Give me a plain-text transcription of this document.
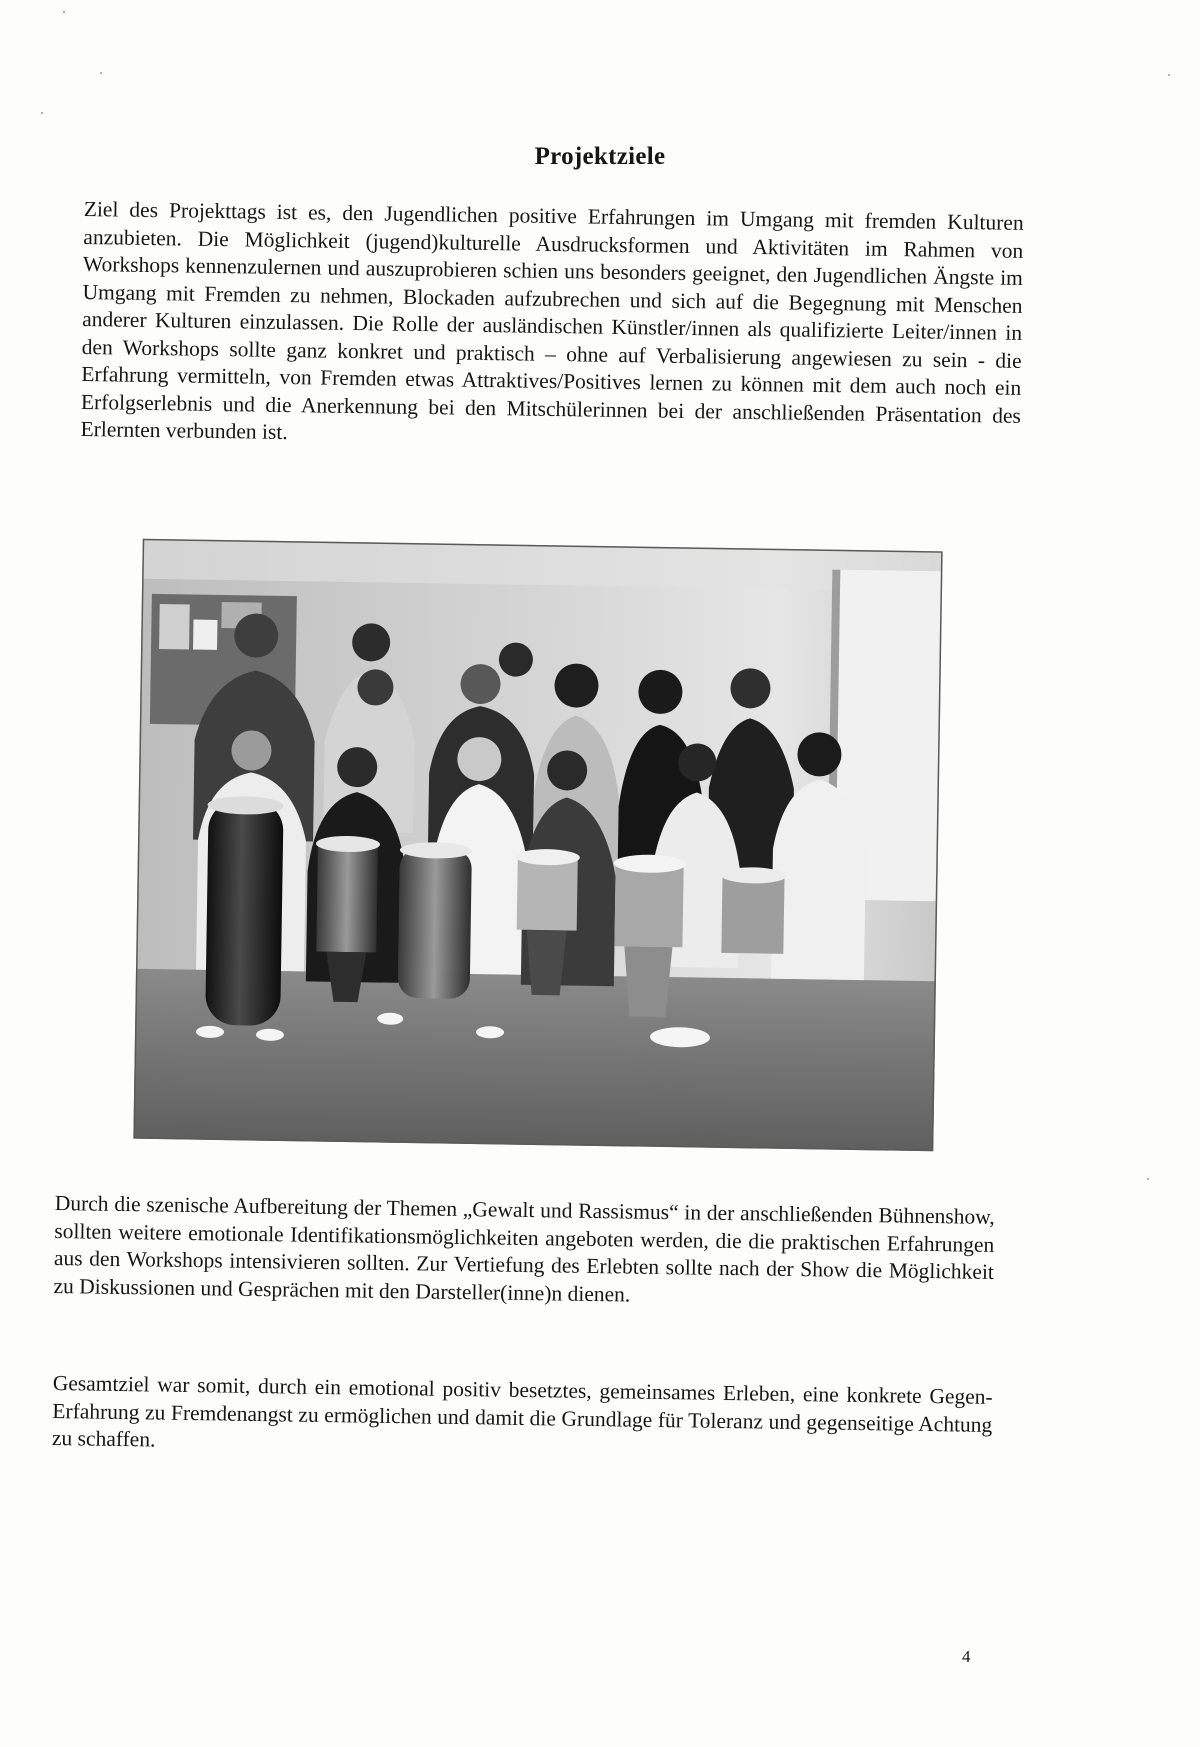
Projektziele

Ziel des Projekttags ist es, den Jugendlichen positive Erfahrungen im Umgang mit fremden Kulturen anzubieten. Die Möglichkeit (jugend)kulturelle Ausdrucksformen und Aktivitäten im Rahmen von Workshops kennenzulernen und auszuprobieren schien uns besonders geeignet, den Jugendlichen Ängste im Umgang mit Fremden zu nehmen, Blockaden aufzubrechen und sich auf die Begegnung mit Menschen anderer Kulturen einzulassen. Die Rolle der ausländischen Künstler/innen als qualifizierte Leiter/innen in den Workshops sollte ganz konkret und praktisch – ohne auf Verbalisierung angewiesen zu sein - die Erfahrung vermitteln, von Fremden etwas Attraktives/Positives lernen zu können mit dem auch noch ein Erfolgserlebnis und die Anerkennung bei den Mitschülerinnen bei der anschließenden Präsentation des Erlernten verbunden ist.

Durch die szenische Aufbereitung der Themen „Gewalt und Rassismus“ in der anschließenden Bühnenshow, sollten weitere emotionale Identifikationsmöglichkeiten angeboten werden, die die praktischen Erfahrungen aus den Workshops intensivieren sollten. Zur Vertiefung des Erlebten sollte nach der Show die Möglichkeit zu Diskussionen und Gesprächen mit den Darsteller(inne)n dienen.

Gesamtziel war somit, durch ein emotional positiv besetztes, gemeinsames Erleben, eine konkrete Gegen-Erfahrung zu Fremdenangst zu ermöglichen und damit die Grundlage für Toleranz und gegenseitige Achtung zu schaffen.

4
